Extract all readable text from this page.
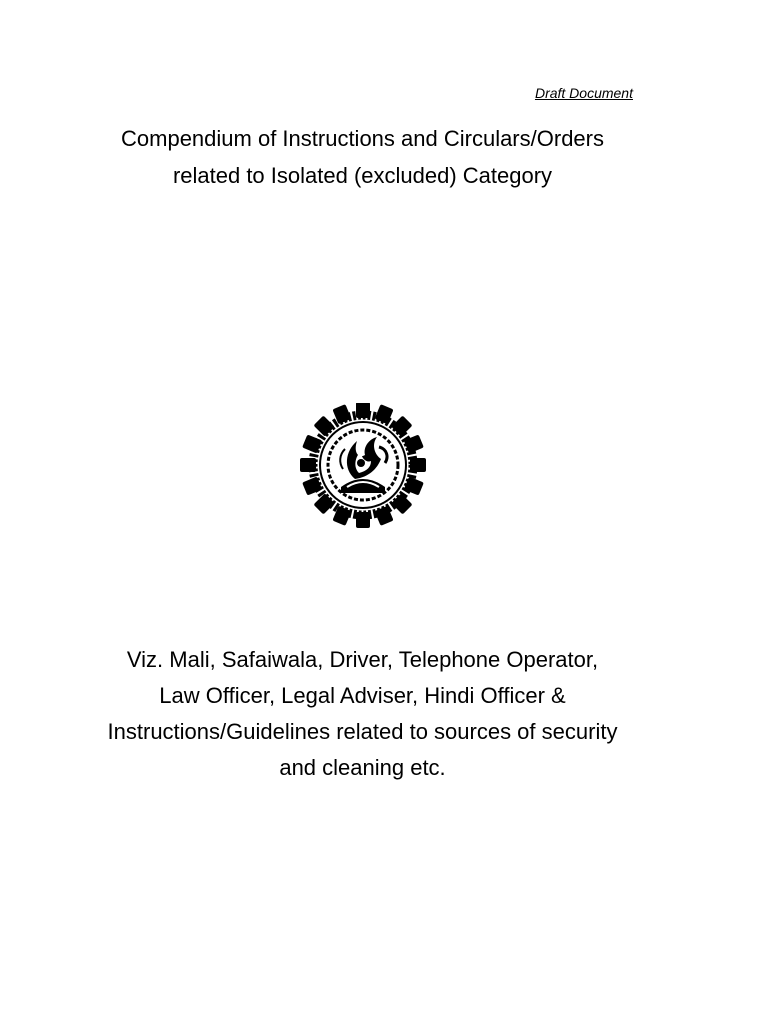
Draft Document
Compendium of Instructions and Circulars/Orders
related to Isolated (excluded) Category
Viz. Mali, Safaiwala, Driver, Telephone Operator,
Law Officer, Legal Adviser, Hindi Officer &
Instructions/Guidelines related to sources of security
and cleaning etc.
